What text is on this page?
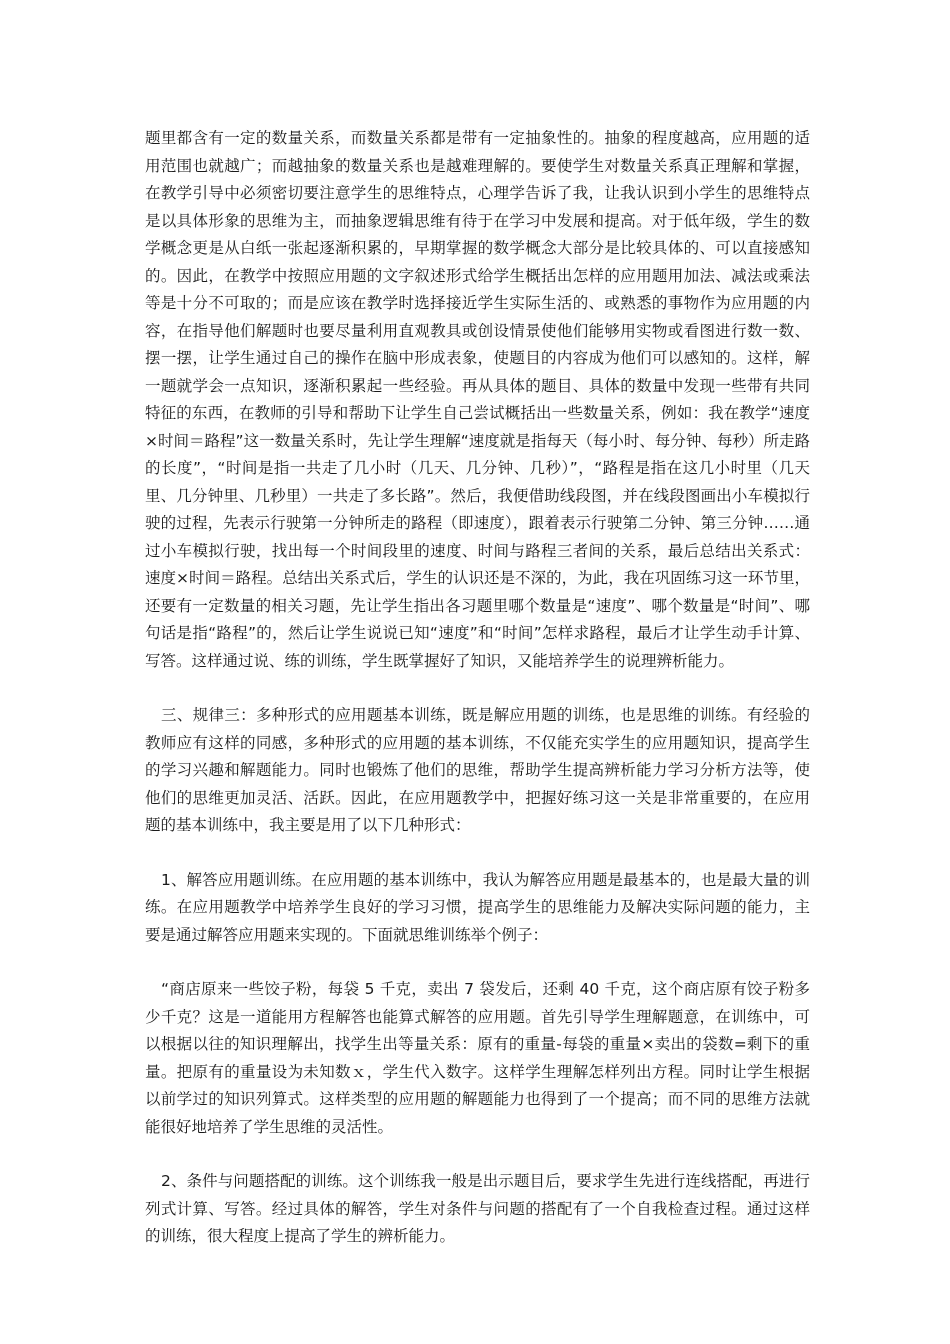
题里都含有一定的数量关系，而数量关系都是带有一定抽象性的。抽象的程度越高，应用题的适用范围也就越广；而越抽象的数量关系也是越难理解的。要使学生对数量关系真正理解和掌握，在教学引导中必须密切要注意学生的思维特点，心理学告诉了我，让我认识到小学生的思维特点是以具体形象的思维为主，而抽象逻辑思维有待于在学习中发展和提高。对于低年级，学生的数学概念更是从白纸一张起逐渐积累的，早期掌握的数学概念大部分是比较具体的、可以直接感知的。因此，在教学中按照应用题的文字叙述形式给学生概括出怎样的应用题用加法、减法或乘法等是十分不可取的；而是应该在教学时选择接近学生实际生活的、或熟悉的事物作为应用题的内容，在指导他们解题时也要尽量利用直观教具或创设情景使他们能够用实物或看图进行数一数、摆一摆，让学生通过自己的操作在脑中形成表象，使题目的内容成为他们可以感知的。这样，解一题就学会一点知识，逐渐积累起一些经验。再从具体的题目、具体的数量中发现一些带有共同特征的东西，在教师的引导和帮助下让学生自己尝试概括出一些数量关系，例如：我在教学“速度×时间＝路程”这一数量关系时，先让学生理解“速度就是指每天（每小时、每分钟、每秒）所走路的长度”，“时间是指一共走了几小时（几天、几分钟、几秒）”，“路程是指在这几小时里（几天里、几分钟里、几秒里）一共走了多长路”。然后，我便借助线段图，并在线段图画出小车模拟行驶的过程，先表示行驶第一分钟所走的路程（即速度），跟着表示行驶第二分钟、第三分钟……通过小车模拟行驶，找出每一个时间段里的速度、时间与路程三者间的关系，最后总结出关系式：速度×时间＝路程。总结出关系式后，学生的认识还是不深的，为此，我在巩固练习这一环节里，还要有一定数量的相关习题，先让学生指出各习题里哪个数量是“速度”、哪个数量是“时间”、哪句话是指“路程”的，然后让学生说说已知“速度”和“时间”怎样求路程，最后才让学生动手计算、写答。这样通过说、练的训练，学生既掌握好了知识，又能培养学生的说理辨析能力。

三、规律三：多种形式的应用题基本训练，既是解应用题的训练，也是思维的训练。有经验的教师应有这样的同感，多种形式的应用题的基本训练，不仅能充实学生的应用题知识，提高学生的学习兴趣和解题能力。同时也锻炼了他们的思维，帮助学生提高辨析能力学习分析方法等，使他们的思维更加灵活、活跃。因此，在应用题教学中，把握好练习这一关是非常重要的，在应用题的基本训练中，我主要是用了以下几种形式：

1、解答应用题训练。在应用题的基本训练中，我认为解答应用题是最基本的，也是最大量的训练。在应用题教学中培养学生良好的学习习惯，提高学生的思维能力及解决实际问题的能力，主要是通过解答应用题来实现的。下面就思维训练举个例子：

“商店原来一些饺子粉，每袋 5 千克，卖出 7 袋发后，还剩 40 千克，这个商店原有饺子粉多少千克？这是一道能用方程解答也能算式解答的应用题。首先引导学生理解题意，在训练中，可以根据以往的知识理解出，找学生出等量关系：原有的重量-每袋的重量×卖出的袋数=剩下的重量。把原有的重量设为未知数ｘ，学生代入数字。这样学生理解怎样列出方程。同时让学生根据以前学过的知识列算式。这样类型的应用题的解题能力也得到了一个提高；而不同的思维方法就能很好地培养了学生思维的灵活性。

2、条件与问题搭配的训练。这个训练我一般是出示题目后，要求学生先进行连线搭配，再进行列式计算、写答。经过具体的解答，学生对条件与问题的搭配有了一个自我检查过程。通过这样的训练，很大程度上提高了学生的辨析能力。
